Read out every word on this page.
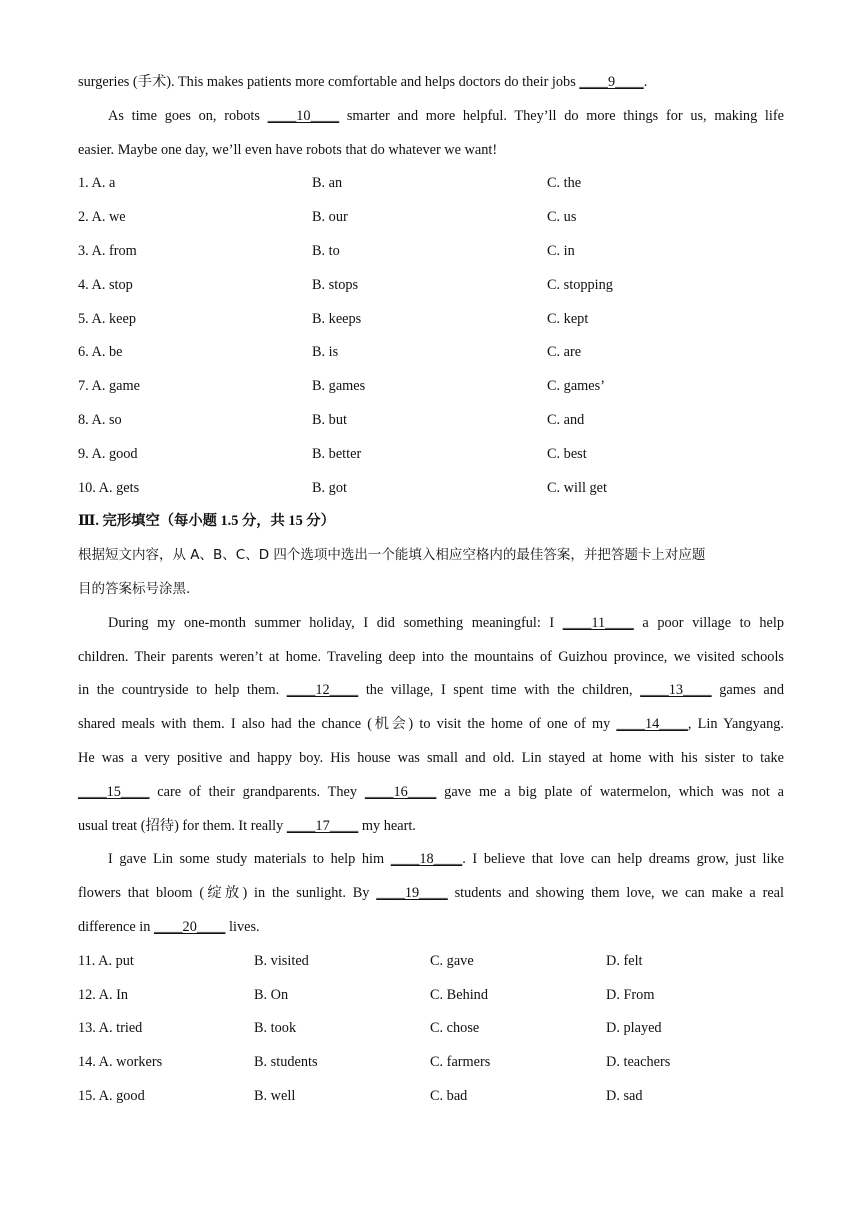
surgeries (手术). This makes patients more comfortable and helps doctors do their jobs ____9____.
As time goes on, robots ____10____ smarter and more helpful. They’ll do more things for us, making life
easier. Maybe one day, we’ll even have robots that do whatever we want!
1. A. a	B. an	C. the
2. A. we	B. our	C. us
3. A. from	B. to	C. in
4. A. stop	B. stops	C. stopping
5. A. keep	B. keeps	C. kept
6. A. be	B. is	C. are
7. A. game	B. games	C. games’
8. A. so	B. but	C. and
9. A. good	B. better	C. best
10. A. gets	B. got	C. will get
Ⅲ. 完形填空（每小题 1.5 分，共 15 分）
根据短文内容，从 A、B、C、D 四个选项中选出一个能填入相应空格内的最佳答案，并把答题卡上对应题
目的答案标号涂黑.
During my one-month summer holiday, I did something meaningful: I ____11____ a poor village to help
children. Their parents weren’t at home. Traveling deep into the mountains of Guizhou province, we visited schools
in the countryside to help them. ____12____ the village, I spent time with the children, ____13____ games and
shared meals with them. I also had the chance (机会) to visit the home of one of my ____14____, Lin Yangyang.
He was a very positive and happy boy. His house was small and old. Lin stayed at home with his sister to take
____15____ care of their grandparents. They ____16____ gave me a big plate of watermelon, which was not a
usual treat (招待) for them. It really ____17____ my heart.
I gave Lin some study materials to help him ____18____. I believe that love can help dreams grow, just like
flowers that bloom (绽放) in the sunlight. By ____19____ students and showing them love, we can make a real
difference in ____20____ lives.
11. A. put	B. visited	C. gave	D. felt
12. A. In	B. On	C. Behind	D. From
13. A. tried	B. took	C. chose	D. played
14. A. workers	B. students	C. farmers	D. teachers
15. A. good	B. well	C. bad	D. sad
